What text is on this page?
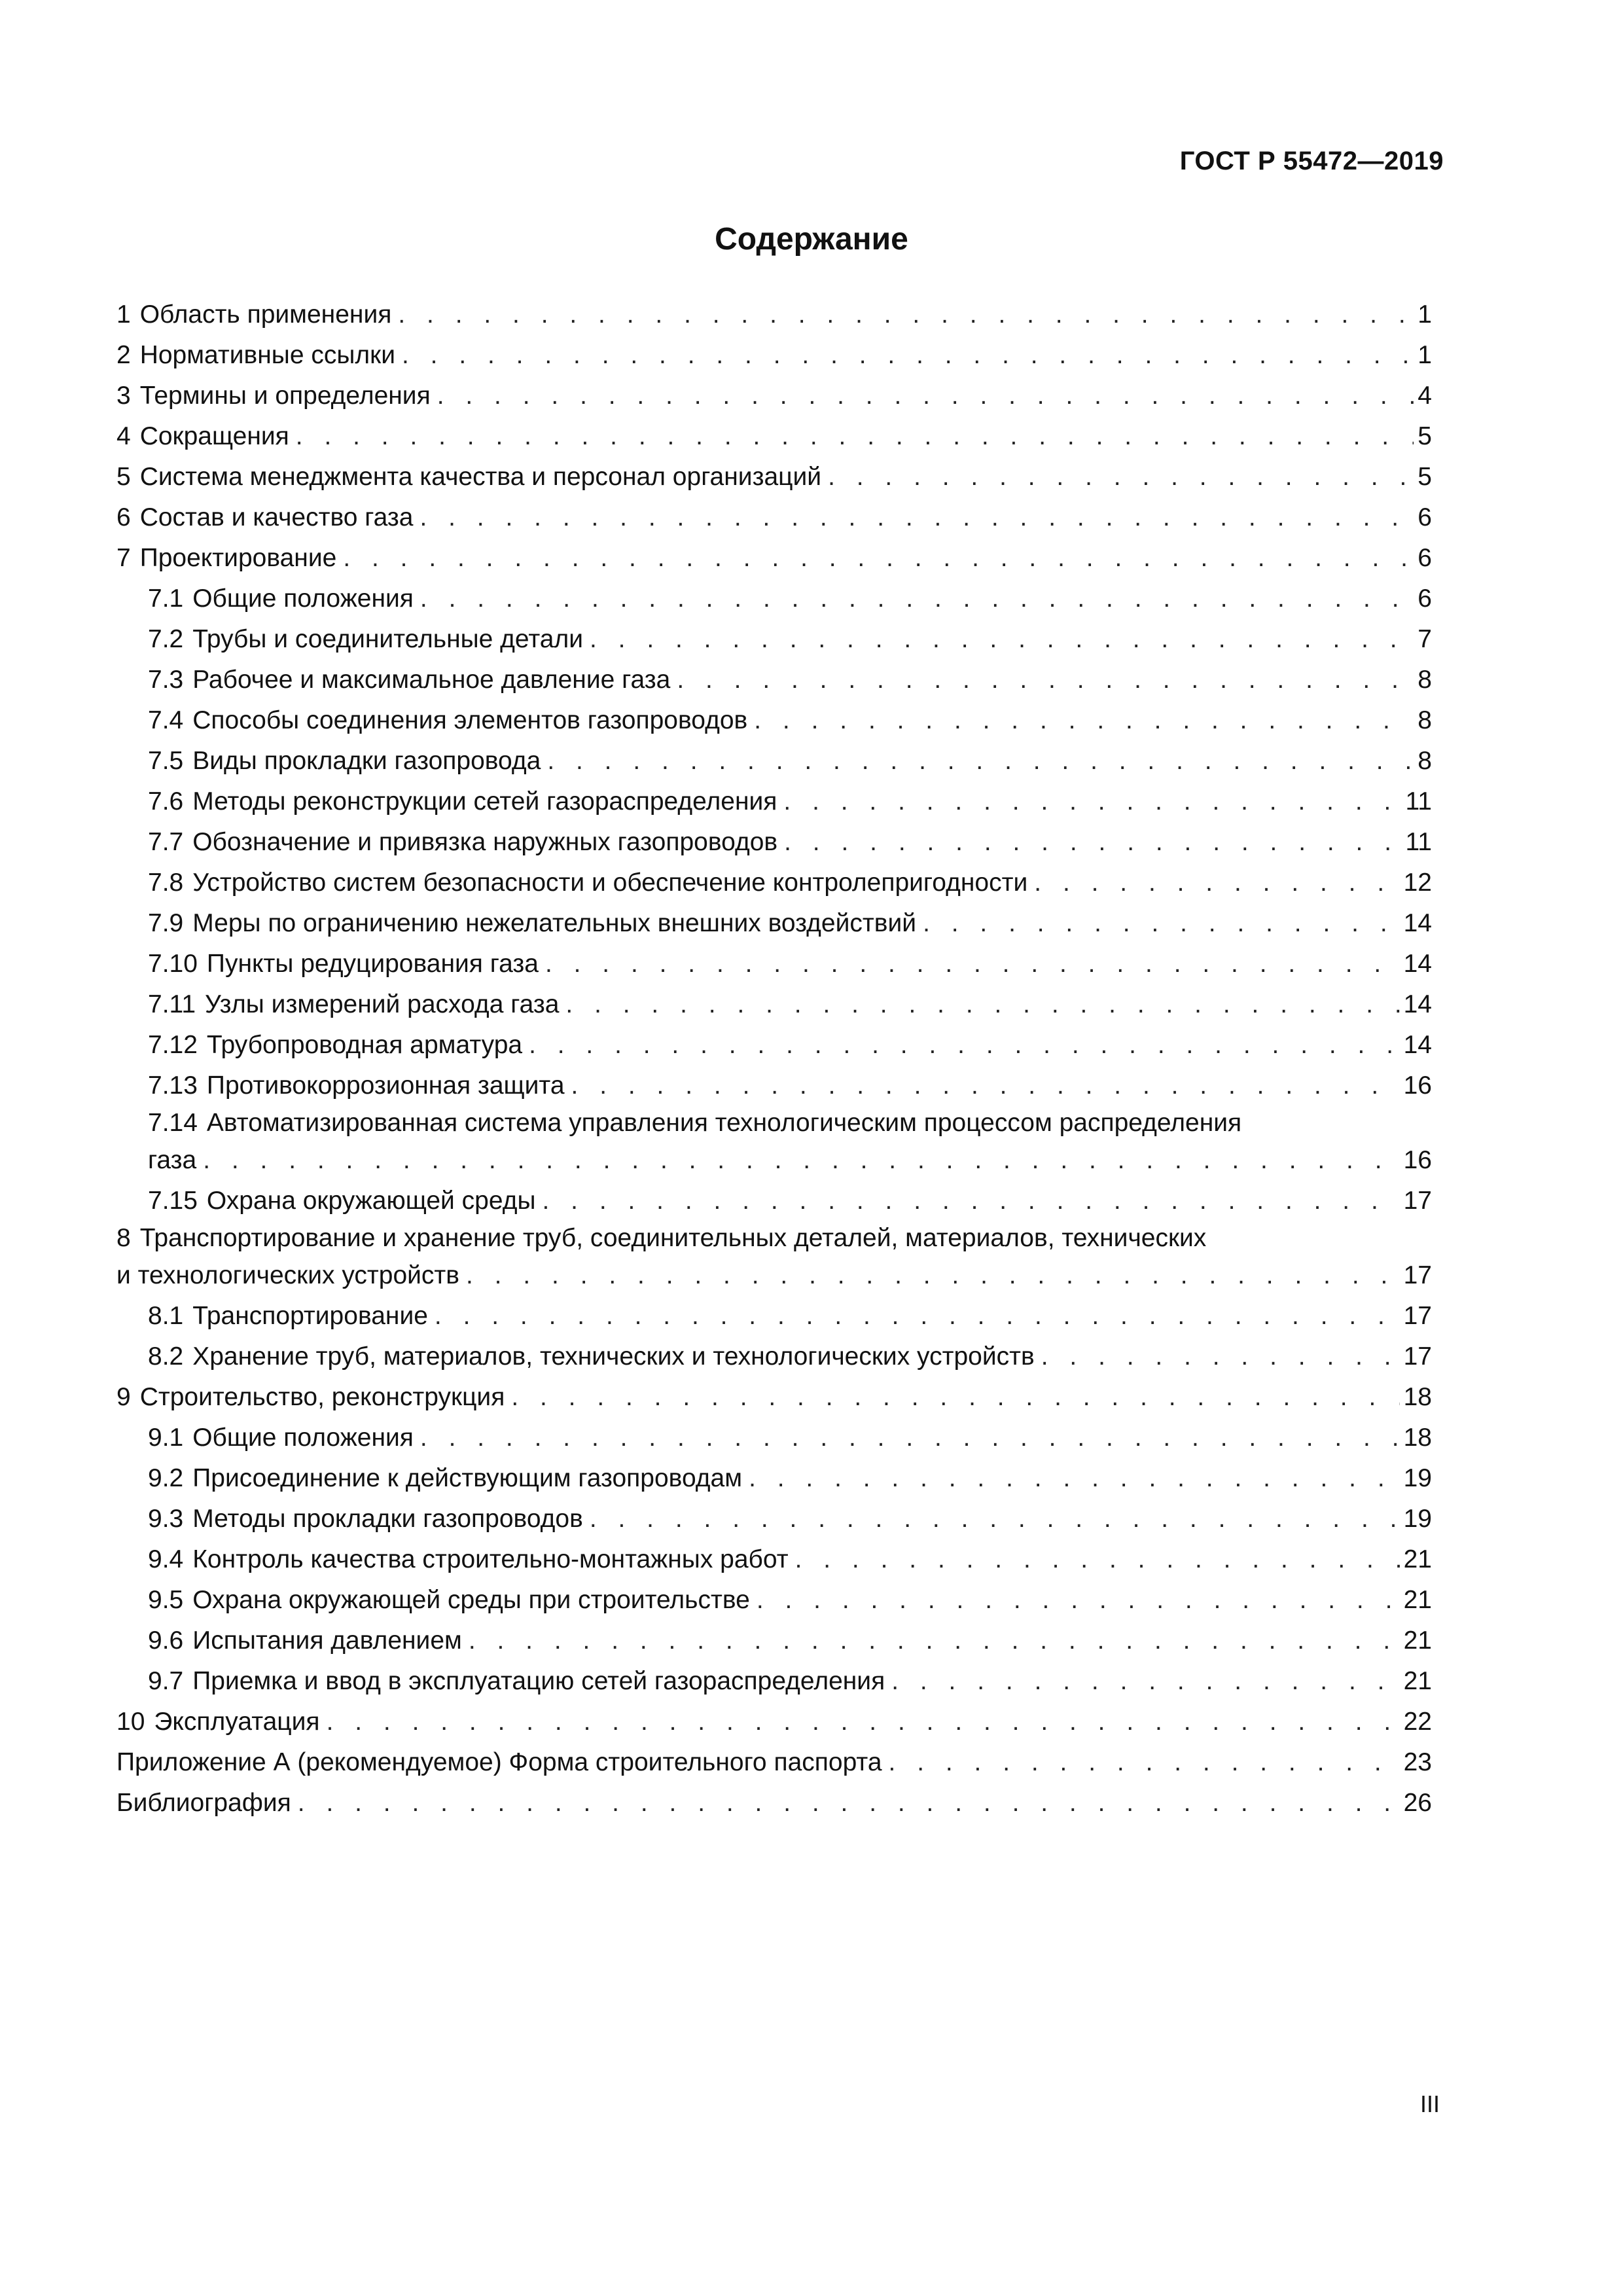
ГОСТ Р 55472—2019
Содержание
1 Область применения . . .	1
2 Нормативные ссылки . . .	1
3 Термины и определения . . .	4
4 Сокращения . . .	5
5 Система менеджмента качества и персонал организаций . . .	5
6 Состав и качество газа . . .	6
7 Проектирование . . .	6
7.1 Общие положения . . .	6
7.2 Трубы и соединительные детали . . .	7
7.3 Рабочее и максимальное давление газа . . .	8
7.4 Способы соединения элементов газопроводов . . .	8
7.5 Виды прокладки газопровода . . .	8
7.6 Методы реконструкции сетей газораспределения . . .	11
7.7 Обозначение и привязка наружных газопроводов . . .	11
7.8 Устройство систем безопасности и обеспечение контролепригодности . . .	12
7.9 Меры по ограничению нежелательных внешних воздействий . . .	14
7.10 Пункты редуцирования газа . . .	14
7.11 Узлы измерений расхода газа . . .	14
7.12 Трубопроводная арматура . . .	14
7.13 Противокоррозионная защита . . .	16
7.14 Автоматизированная система управления технологическим процессом распределения
газа . . .	16
7.15 Охрана окружающей среды . . .	17
8 Транспортирование и хранение труб, соединительных деталей, материалов, технических
и технологических устройств . . .	17
8.1 Транспортирование . . .	17
8.2 Хранение труб, материалов, технических и технологических устройств . . .	17
9 Строительство, реконструкция . . .	18
9.1 Общие положения . . .	18
9.2 Присоединение к действующим газопроводам . . .	19
9.3 Методы прокладки газопроводов . . .	19
9.4 Контроль качества строительно-монтажных работ . . .	21
9.5 Охрана окружающей среды при строительстве . . .	21
9.6 Испытания давлением . . .	21
9.7 Приемка и ввод в эксплуатацию сетей газораспределения . . .	21
10 Эксплуатация . . .	22
Приложение А (рекомендуемое) Форма строительного паспорта . . .	23
Библиография . . .	26
III
